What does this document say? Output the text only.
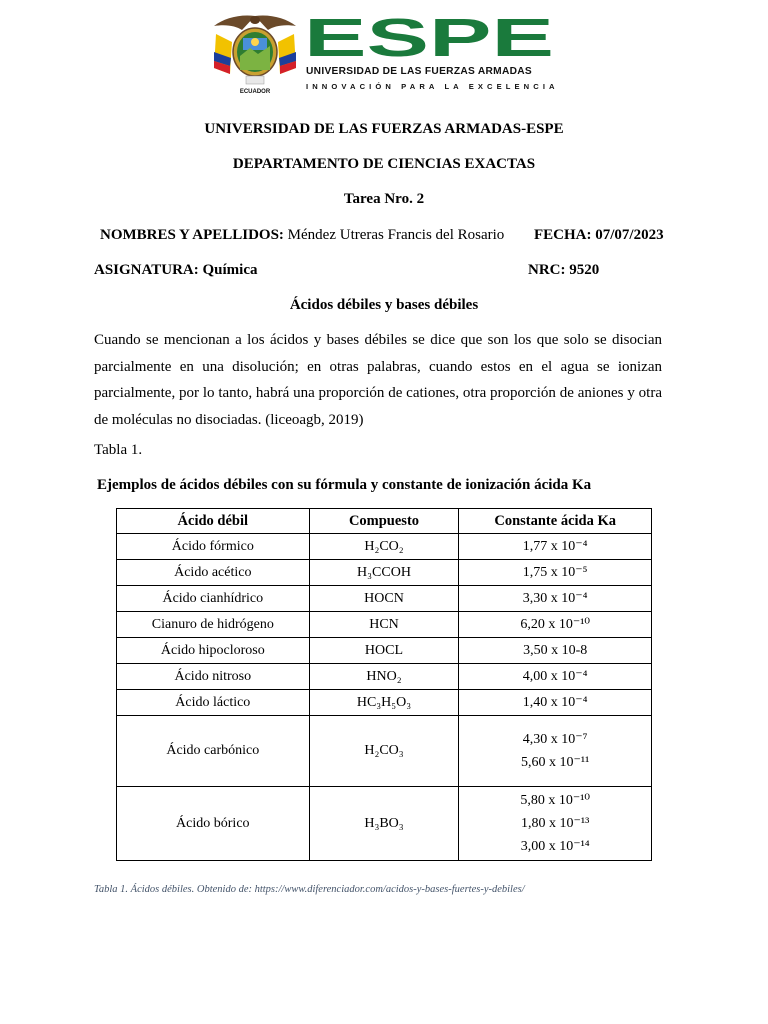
ECUADOR
ESPE
UNIVERSIDAD DE LAS FUERZAS ARMADAS
INNOVACIÓN PARA LA EXCELENCIA
UNIVERSIDAD DE LAS FUERZAS ARMADAS-ESPE
DEPARTAMENTO DE CIENCIAS EXACTAS
Tarea Nro. 2
NOMBRES Y APELLIDOS: Méndez Utreras Francis del Rosario FECHA: 07/07/2023
ASIGNATURA: Química	NRC: 9520
Ácidos débiles y bases débiles

Cuando se mencionan a los ácidos y bases débiles se dice que son los que solo se disocian parcialmente en una disolución; en otras palabras, cuando estos en el agua se ionizan parcialmente, por lo tanto, habrá una proporción de cationes, otra proporción de aniones y otra de moléculas no disociadas. (liceoagb, 2019)

Tabla 1.
Ejemplos de ácidos débiles con su fórmula y constante de ionización ácida Ka
Ácido débil	Compuesto	Constante ácida Ka
Ácido fórmico	H₂CO₂	1,77 x 10⁻⁴

Ácido acético	H₃CCOH	1,75 x 10⁻⁵

Ácido cianhídrico	HOCN	3,30 x 10⁻⁴

Cianuro de hidrógeno	HCN	6,20 x 10⁻¹⁰

Ácido hipocloroso	HOCL	3,50 x 10-8

Ácido nitroso	HNO₂	4,00 x 10⁻⁴

Ácido láctico	HC₃H₅O₃	1,40 x 10⁻⁴

Ácido carbónico	H₂CO₃	4,30 x 10⁻⁷
5,60 x 10⁻¹¹

Ácido bórico	H₃BO₃	5,80 x 10⁻¹⁰
1,80 x 10⁻¹³
3,00 x 10⁻¹⁴
Tabla 1. Ácidos débiles. Obtenido de: https://www.diferenciador.com/acidos-y-bases-fuertes-y-debiles/
